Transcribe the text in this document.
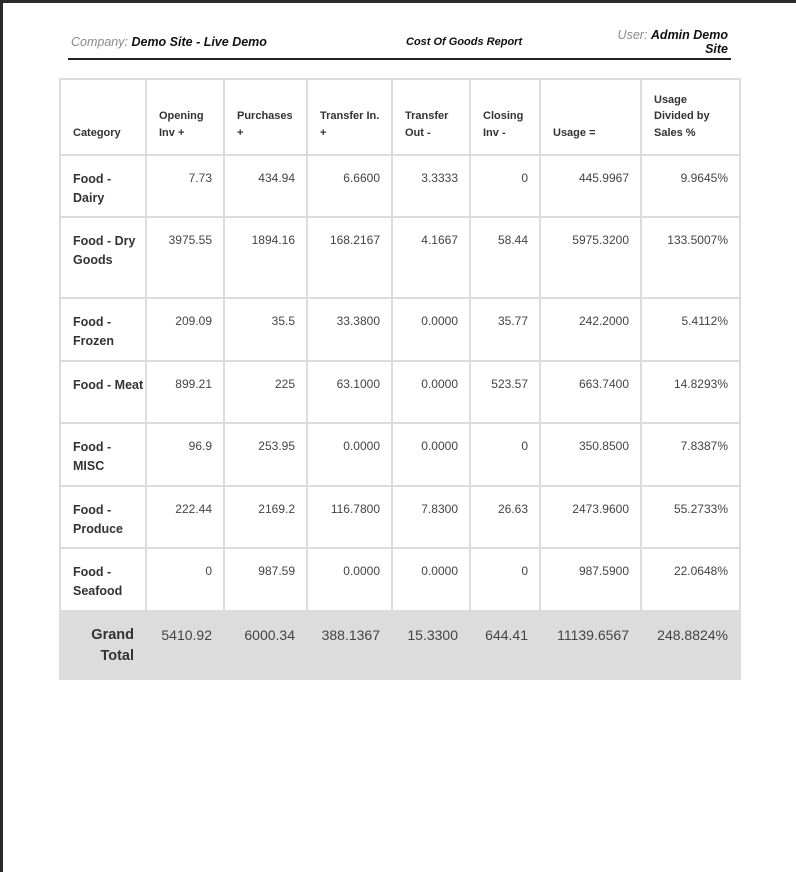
Company: Demo Site - Live Demo	Cost Of Goods Report	User: Admin Demo
Site
Category	Opening Inv +	Purchases +	Transfer In. +	Transfer Out -	Closing Inv -	Usage =	Usage Divided by Sales %
Food - Dairy	7.73	434.94	6.6600	3.3333	0	445.9967	9.9645%
Food - Dry Goods	3975.55	1894.16	168.2167	4.1667	58.44	5975.3200	133.5007%
Food - Frozen	209.09	35.5	33.3800	0.0000	35.77	242.2000	5.4112%
Food - Meat	899.21	225	63.1000	0.0000	523.57	663.7400	14.8293%
Food - MISC	96.9	253.95	0.0000	0.0000	0	350.8500	7.8387%
Food - Produce	222.44	2169.2	116.7800	7.8300	26.63	2473.9600	55.2733%
Food - Seafood	0	987.59	0.0000	0.0000	0	987.5900	22.0648%
Grand Total	5410.92	6000.34	388.1367	15.3300	644.41	11139.6567	248.8824%
